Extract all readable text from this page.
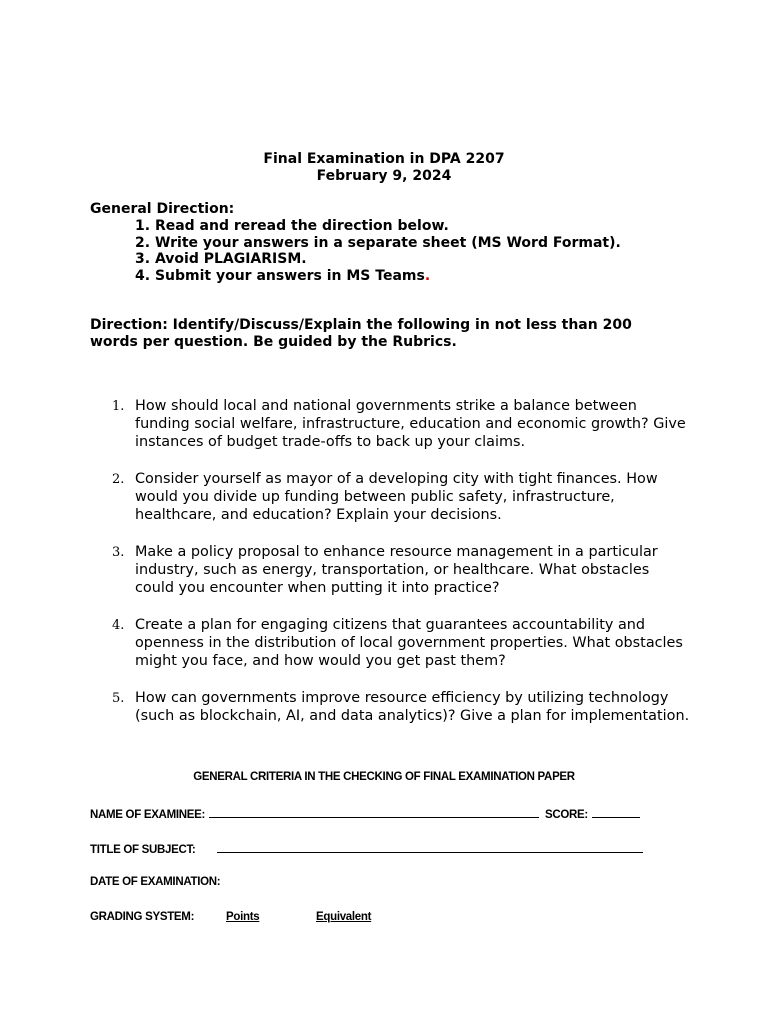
Final Examination in DPA 2207
February 9, 2024
General Direction:
1. Read and reread the direction below.
2. Write your answers in a separate sheet (MS Word Format).
3. Avoid PLAGIARISM.
4. Submit your answers in MS Teams.
Direction: Identify/Discuss/Explain the following in not less than 200 words per question. Be guided by the Rubrics.
1. How should local and national governments strike a balance between funding social welfare, infrastructure, education and economic growth? Give instances of budget trade-offs to back up your claims.
2. Consider yourself as mayor of a developing city with tight finances. How would you divide up funding between public safety, infrastructure, healthcare, and education? Explain your decisions.
3. Make a policy proposal to enhance resource management in a particular industry, such as energy, transportation, or healthcare. What obstacles could you encounter when putting it into practice?
4. Create a plan for engaging citizens that guarantees accountability and openness in the distribution of local government properties. What obstacles might you face, and how would you get past them?
5. How can governments improve resource efficiency by utilizing technology (such as blockchain, AI, and data analytics)? Give a plan for implementation.
GENERAL CRITERIA IN THE CHECKING OF FINAL EXAMINATION PAPER
NAME OF EXAMINEE:	SCORE:
TITLE OF SUBJECT:
DATE OF EXAMINATION:
GRADING SYSTEM:	Points	Equivalent
